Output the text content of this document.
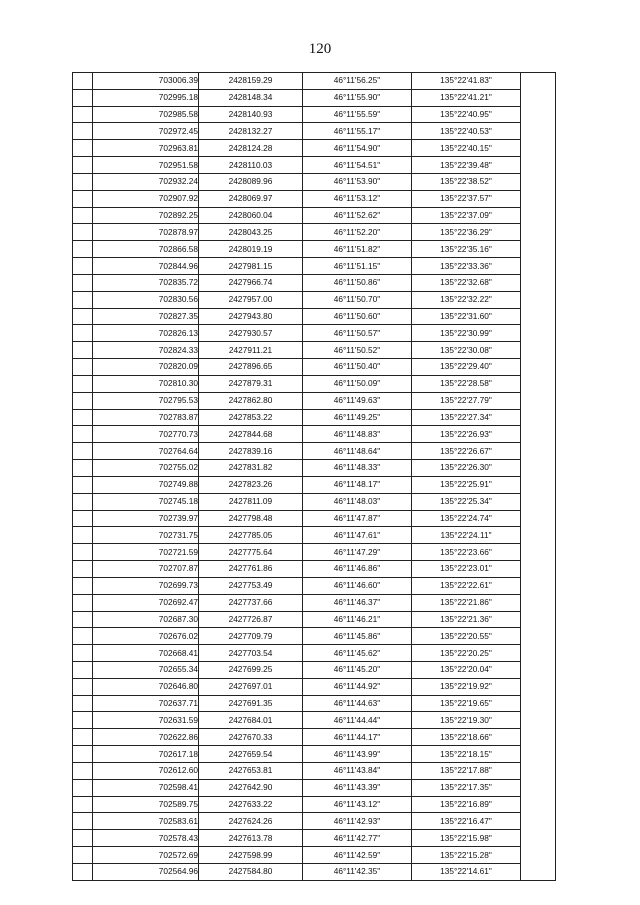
120
	703006.39	2428159.29	46°11'56.25"	135°22'41.83"	
	702995.18	2428148.34	46°11'55.90"	135°22'41.21"	
	702985.58	2428140.93	46°11'55.59"	135°22'40.95"	
	702972.45	2428132.27	46°11'55.17"	135°22'40.53"	
	702963.81	2428124.28	46°11'54.90"	135°22'40.15"	
	702951.58	2428110.03	46°11'54.51"	135°22'39.48"	
	702932.24	2428089.96	46°11'53.90"	135°22'38.52"	
	702907.92	2428069.97	46°11'53.12"	135°22'37.57"	
	702892.25	2428060.04	46°11'52.62"	135°22'37.09"	
	702878.97	2428043.25	46°11'52.20"	135°22'36.29"	
	702866.58	2428019.19	46°11'51.82"	135°22'35.16"	
	702844.96	2427981.15	46°11'51.15"	135°22'33.36"	
	702835.72	2427966.74	46°11'50.86"	135°22'32.68"	
	702830.56	2427957.00	46°11'50.70"	135°22'32.22"	
	702827.35	2427943.80	46°11'50.60"	135°22'31.60"	
	702826.13	2427930.57	46°11'50.57"	135°22'30.99"	
	702824.33	2427911.21	46°11'50.52"	135°22'30.08"	
	702820.09	2427896.65	46°11'50.40"	135°22'29.40"	
	702810.30	2427879.31	46°11'50.09"	135°22'28.58"	
	702795.53	2427862.80	46°11'49.63"	135°22'27.79"	
	702783.87	2427853.22	46°11'49.25"	135°22'27.34"	
	702770.73	2427844.68	46°11'48.83"	135°22'26.93"	
	702764.64	2427839.16	46°11'48.64"	135°22'26.67"	
	702755.02	2427831.82	46°11'48.33"	135°22'26.30"	
	702749.88	2427823.26	46°11'48.17"	135°22'25.91"	
	702745.18	2427811.09	46°11'48.03"	135°22'25.34"	
	702739.97	2427798.48	46°11'47.87"	135°22'24.74"	
	702731.75	2427785.05	46°11'47.61"	135°22'24.11"	
	702721.59	2427775.64	46°11'47.29"	135°22'23.66"	
	702707.87	2427761.86	46°11'46.86"	135°22'23.01"	
	702699.73	2427753.49	46°11'46.60"	135°22'22.61"	
	702692.47	2427737.66	46°11'46.37"	135°22'21.86"	
	702687.30	2427726.87	46°11'46.21"	135°22'21.36"	
	702676.02	2427709.79	46°11'45.86"	135°22'20.55"	
	702668.41	2427703.54	46°11'45.62"	135°22'20.25"	
	702655.34	2427699.25	46°11'45.20"	135°22'20.04"	
	702646.80	2427697.01	46°11'44.92"	135°22'19.92"	
	702637.71	2427691.35	46°11'44.63"	135°22'19.65"	
	702631.59	2427684.01	46°11'44.44"	135°22'19.30"	
	702622.86	2427670.33	46°11'44.17"	135°22'18.66"	
	702617.18	2427659.54	46°11'43.99"	135°22'18.15"	
	702612.60	2427653.81	46°11'43.84"	135°22'17.88"	
	702598.41	2427642.90	46°11'43.39"	135°22'17.35"	
	702589.75	2427633.22	46°11'43.12"	135°22'16.89"	
	702583.61	2427624.26	46°11'42.93"	135°22'16.47"	
	702578.43	2427613.78	46°11'42.77"	135°22'15.98"	
	702572.69	2427598.99	46°11'42.59"	135°22'15.28"	
	702564.96	2427584.80	46°11'42.35"	135°22'14.61"	
